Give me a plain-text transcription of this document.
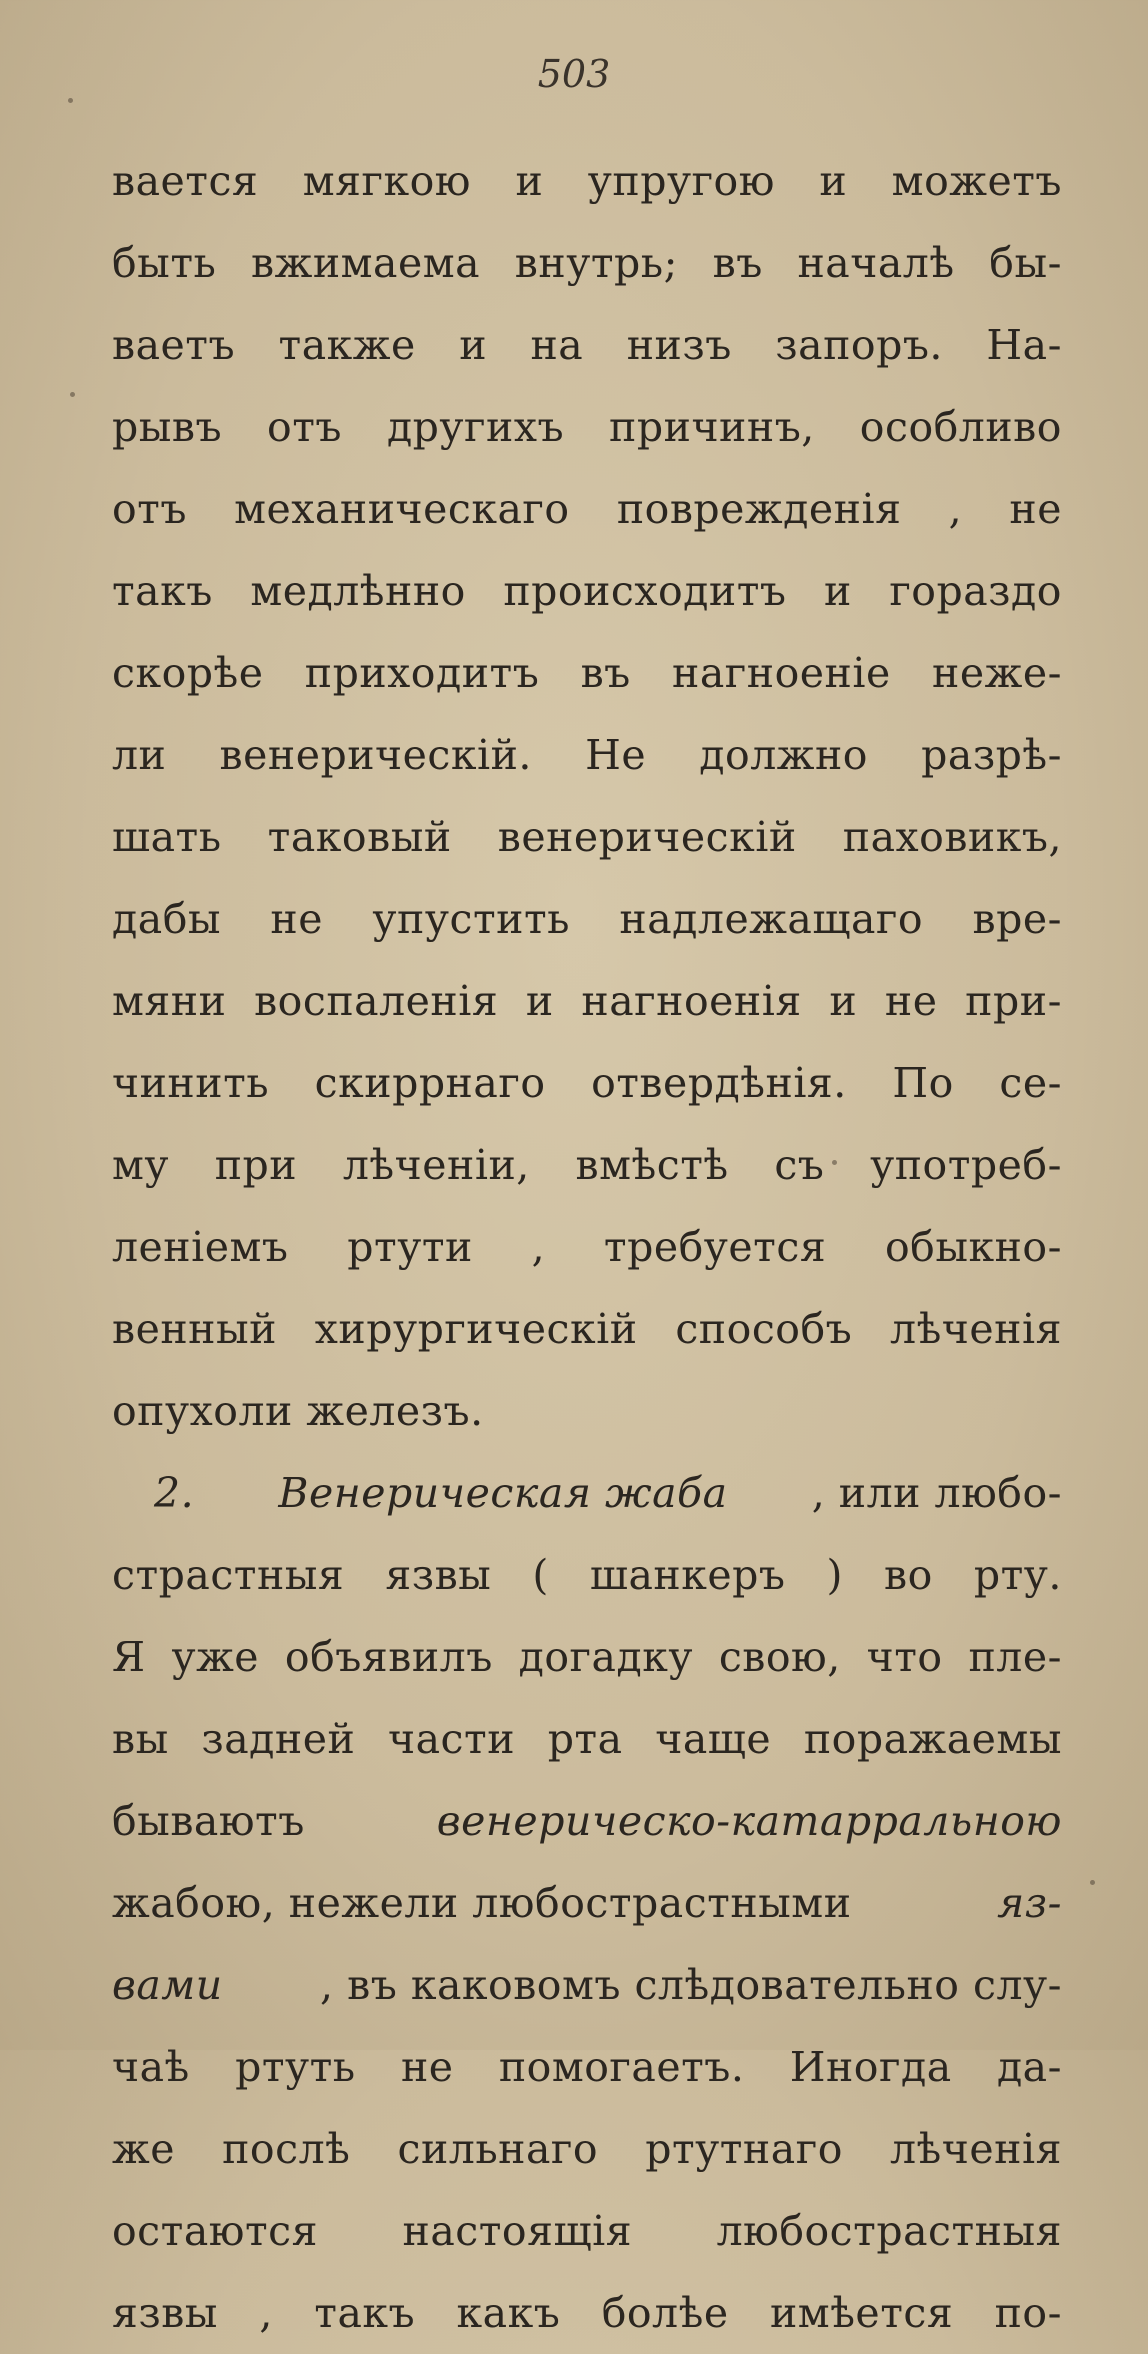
503
вается мягкою и упругою и можетъ
быть вжимаема внутрь; въ началѣ бы-
ваетъ также и на низъ запоръ. На-
рывъ отъ другихъ причинъ, особливо
отъ механическаго поврежденія , не
такъ медлѣнно происходитъ и гораздо
скорѣе приходитъ въ нагноеніе неже-
ли венерическій. Не должно разрѣ-
шать таковый венерическій паховикъ,
дабы не упустить надлежащаго вре-
мяни воспаленія и нагноенія и не при-
чинить скиррнаго отвердѣнія. По се-
му при лѣченіи, вмѣстѣ съ употреб-
леніемъ ртути , требуется обыкно-
венный хирургическій способъ лѣченія
опухоли железъ.
2. Венерическая жаба , или любо-
страстныя язвы ( шанкеръ ) во рту.
Я уже объявилъ догадку свою, что пле-
вы задней части рта чаще поражаемы
бываютъ	венерическо-катарральною
жабою, нежели любострастными	яз-
вами , въ каковомъ слѣдовательно слу-
чаѣ ртуть не помогаетъ. Иногда да-
же послѣ сильнаго ртутнаго лѣченія
остаются настоящія любострастныя
язвы , такъ какъ болѣе имѣется по-
